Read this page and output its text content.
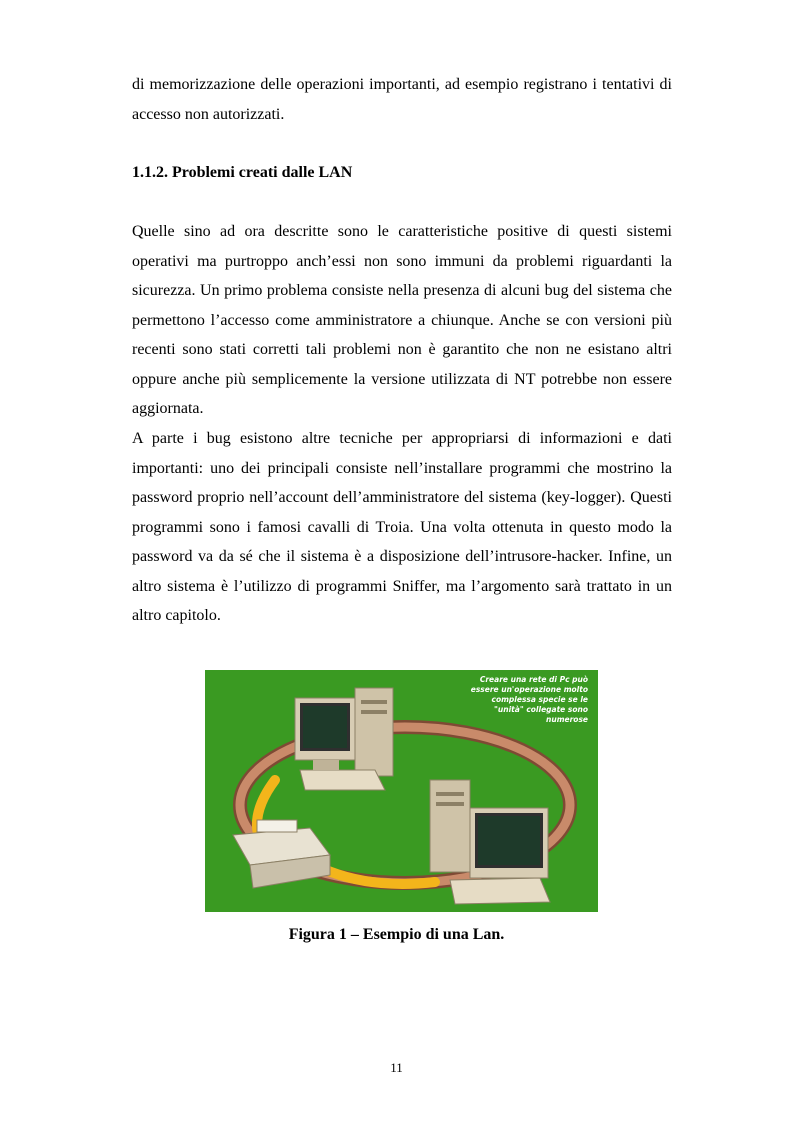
di memorizzazione delle operazioni importanti, ad esempio registrano i tentativi di accesso non autorizzati.

1.1.2. Problemi creati dalle LAN

Quelle sino ad ora descritte sono le caratteristiche positive di questi sistemi operativi ma purtroppo anch’essi non sono immuni da problemi riguardanti la sicurezza. Un primo problema consiste nella presenza di alcuni bug del sistema che permettono l’accesso come amministratore a chiunque. Anche se con versioni più recenti sono stati corretti tali problemi non è garantito che non ne esistano altri oppure anche più semplicemente la versione utilizzata di NT potrebbe non essere aggiornata.

A parte i bug esistono altre tecniche per appropriarsi di informazioni e dati importanti: uno dei principali consiste nell’installare programmi che mostrino la password proprio nell’account dell’amministratore del sistema (key-logger). Questi programmi sono i famosi cavalli di Troia. Una volta ottenuta in questo modo la password va da sé che il sistema è a disposizione dell’intrusore-hacker. Infine, un altro sistema è l’utilizzo di programmi Sniffer, ma l’argomento sarà trattato in un altro capitolo.

Creare una rete di Pc può essere un'operazione molto complessa specie se le "unità" collegate sono numerose

Figura 1 – Esempio di una Lan.

11
